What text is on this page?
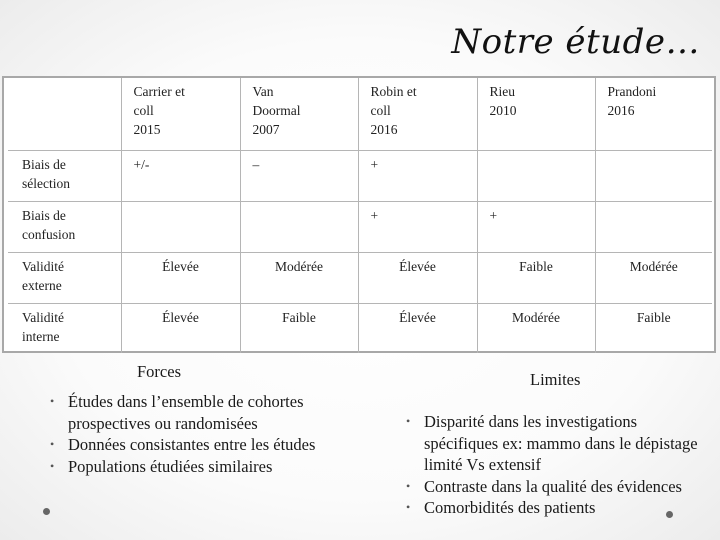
Notre étude…
	Carrier et
coll
2015	Van
Doormal
2007	Robin et
coll
2016	Rieu
2010	Prandoni
2016
Biais de
sélection	+/-	–	+		
Biais de
confusion			+	+	
Validité
externe	Élevée	Modérée	Élevée	Faible	Modérée
Validité
interne	Élevée	Faible	Élevée	Modérée	Faible
Forces
• Études dans l’ensemble de cohortes prospectives ou randomisées
• Données consistantes entre les études
• Populations étudiées similaires
Limites
• Disparité dans les investigations spécifiques ex: mammo dans le dépistage limité Vs extensif
• Contraste dans la qualité des évidences
• Comorbidités des patients
